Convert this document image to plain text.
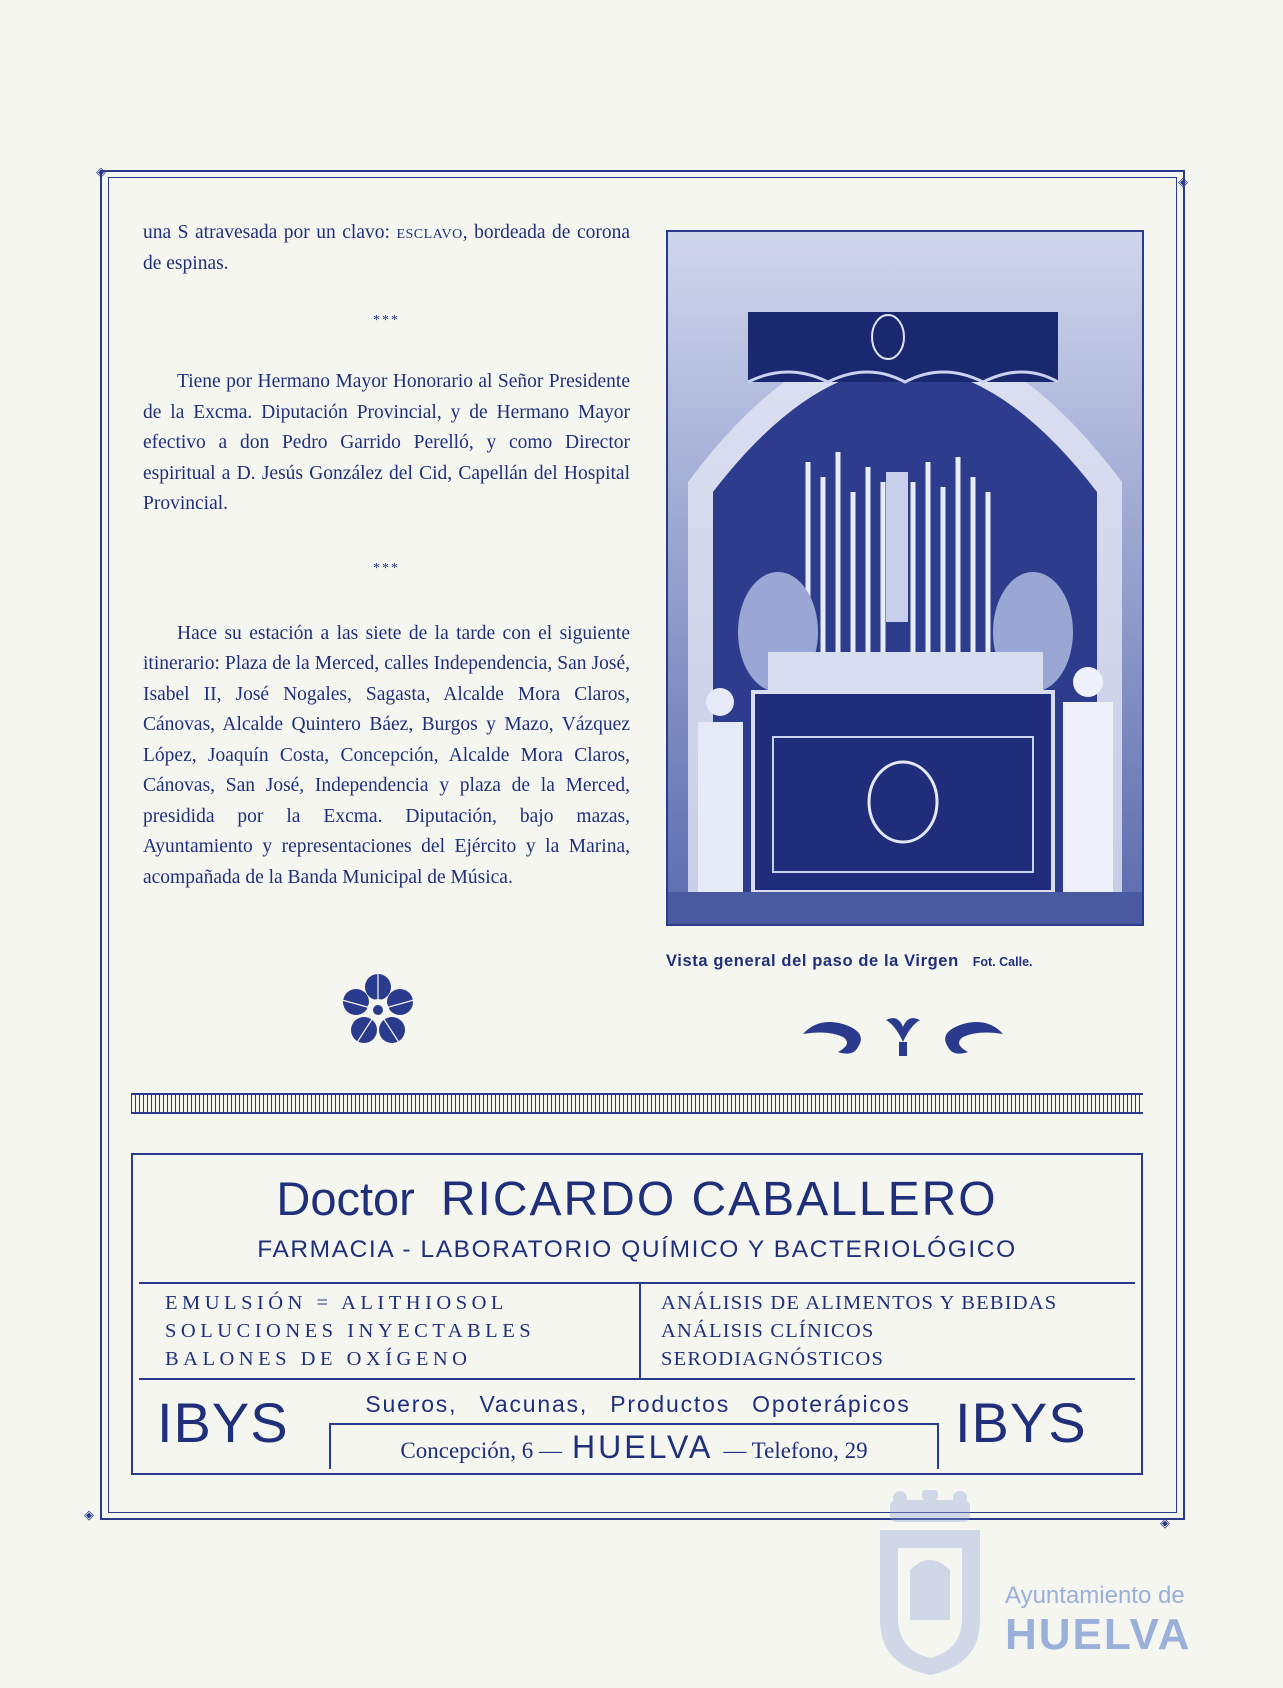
◈
◈
◈
◈

una S atravesada por un clavo: esclavo, bordeada de corona de espinas.

***

Tiene por Hermano Mayor Honorario al Señor Presidente de la Excma. Diputación Provincial, y de Hermano Mayor efectivo a don Pedro Garrido Perelló, y como Director espiritual a D. Jesús González del Cid, Capellán del Hospital Provincial.

***

Hace su estación a las siete de la tarde con el siguiente itinerario: Plaza de la Merced, calles Independencia, San José, Isabel II, José Nogales, Sagasta, Alcalde Mora Claros, Cánovas, Alcalde Quintero Báez, Burgos y Mazo, Vázquez López, Joaquín Costa, Concepción, Alcalde Mora Claros, Cánovas, San José, Independencia y plaza de la Merced, presidida por la Excma. Diputación, bajo mazas, Ayuntamiento y representaciones del Ejército y la Marina, acompañada de la Banda Municipal de Música.

Vista general del paso de la Virgen Fot. Calle.
Doctor RICARDO CABALLERO
FARMACIA - LABORATORIO QUÍMICO Y BACTERIOLÓGICO
EMULSIÓN = ALITHIOSOL
SOLUCIONES INYECTABLES
BALONES DE OXÍGENO
ANÁLISIS DE ALIMENTOS Y BEBIDAS
ANÁLISIS CLÍNICOS
SERODIAGNÓSTICOS
IBYS	Sueros, Vacunas, Productos Opoterápicos
Concepción, 6 — HUELVA — Telefono, 29	IBYS
Ayuntamiento de
HUELVA
